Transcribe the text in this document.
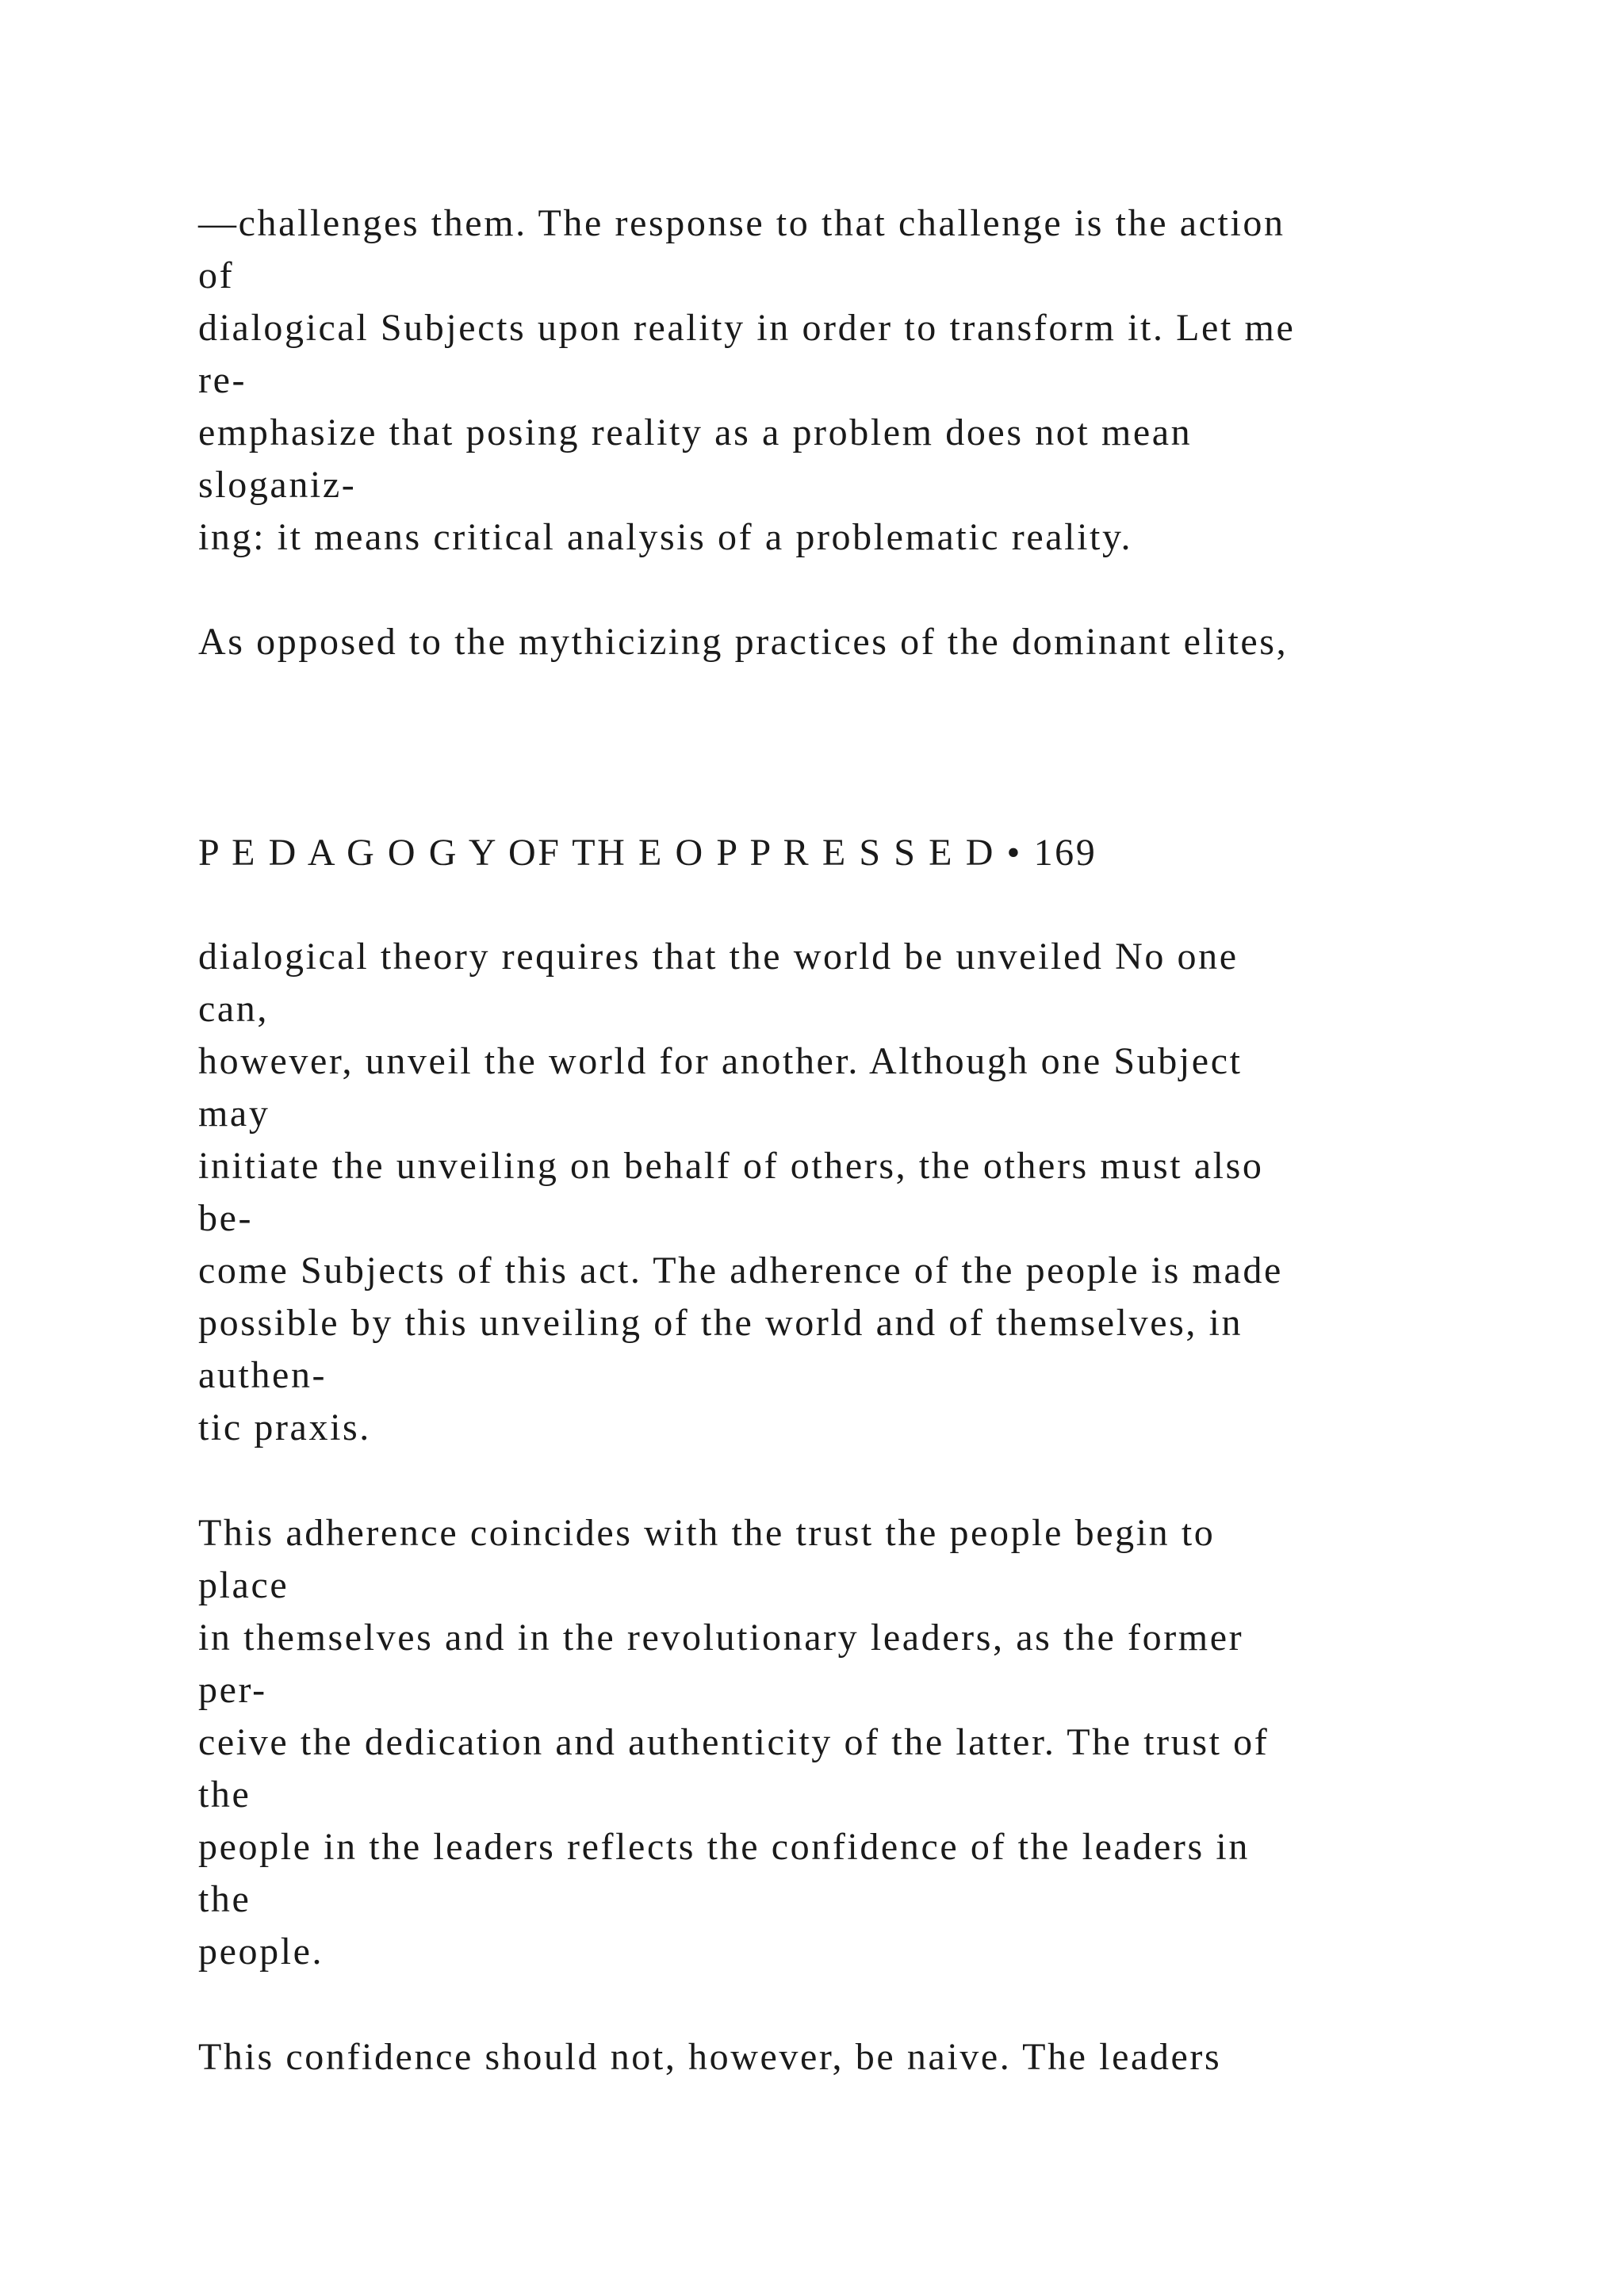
—challenges them. The response to that challenge is the action
of
dialogical Subjects upon reality in order to transform it. Let me
re-
emphasize that posing reality as a problem does not mean
sloganiz-
ing: it means critical analysis of a problematic reality.
As opposed to the mythicizing practices of the dominant elites,
P E D A G O G Y OF TH E O P P R E S S E D • 169
dialogical theory requires that the world be unveiled No one
can,
however, unveil the world for another. Although one Subject
may
initiate the unveiling on behalf of others, the others must also
be-
come Subjects of this act. The adherence of the people is made
possible by this unveiling of the world and of themselves, in
authen-
tic praxis.
This adherence coincides with the trust the people begin to
place
in themselves and in the revolutionary leaders, as the former
per-
ceive the dedication and authenticity of the latter. The trust of
the
people in the leaders reflects the confidence of the leaders in
the
people.
This confidence should not, however, be naive. The leaders
